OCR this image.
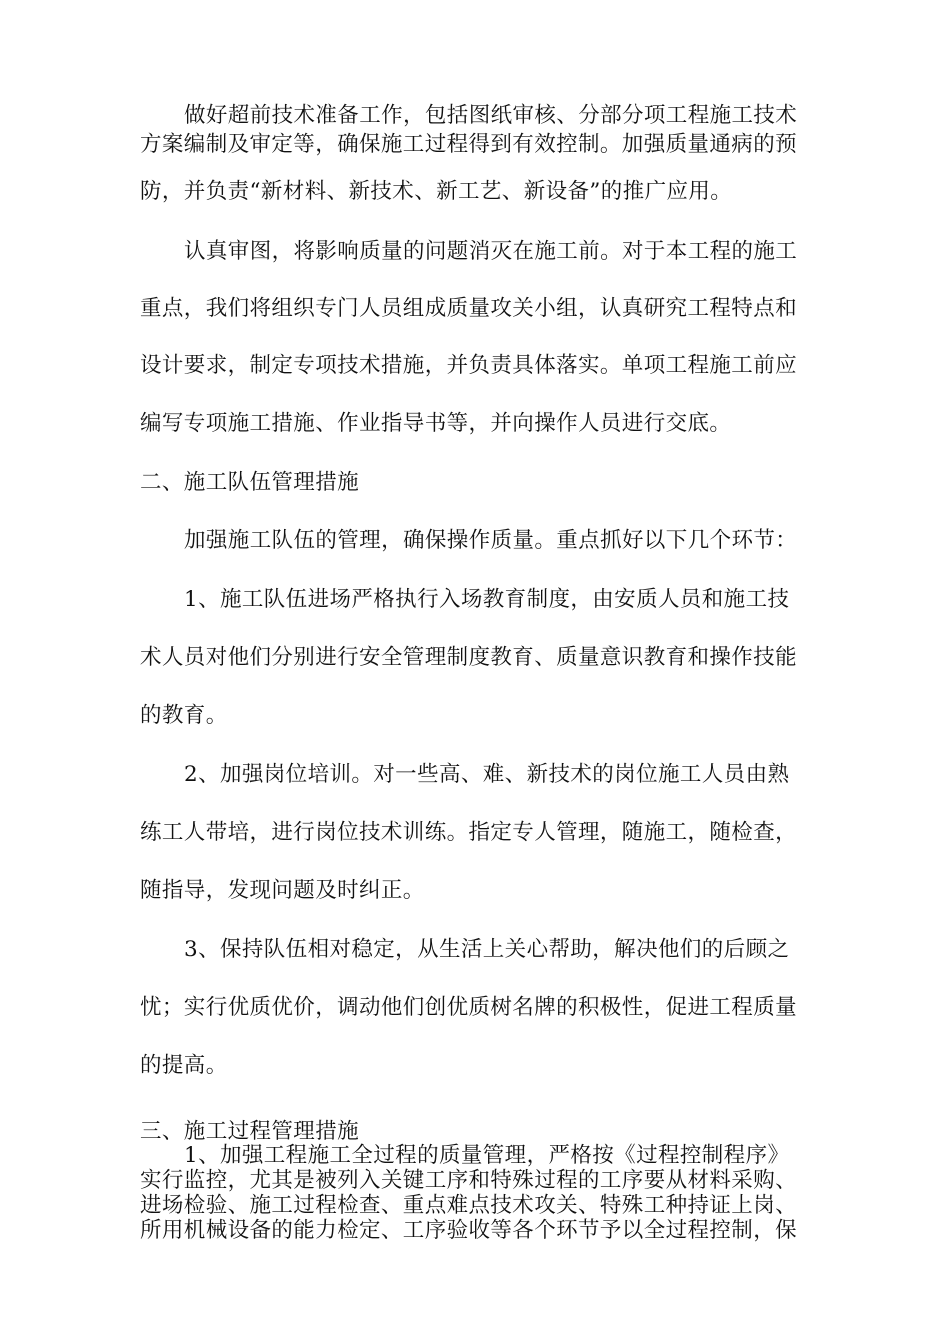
做好超前技术准备工作，包括图纸审核、分部分项工程施工技术
方案编制及审定等，确保施工过程得到有效控制。加强质量通病的预
防，并负责“新材料、新技术、新工艺、新设备”的推广应用。
认真审图，将影响质量的问题消灭在施工前。对于本工程的施工
重点，我们将组织专门人员组成质量攻关小组，认真研究工程特点和
设计要求，制定专项技术措施，并负责具体落实。单项工程施工前应
编写专项施工措施、作业指导书等，并向操作人员进行交底。
二、施工队伍管理措施
加强施工队伍的管理，确保操作质量。重点抓好以下几个环节：
1、施工队伍进场严格执行入场教育制度，由安质人员和施工技
术人员对他们分别进行安全管理制度教育、质量意识教育和操作技能
的教育。
2、加强岗位培训。对一些高、难、新技术的岗位施工人员由熟
练工人带培，进行岗位技术训练。指定专人管理，随施工，随检查，
随指导，发现问题及时纠正。
3、保持队伍相对稳定，从生活上关心帮助，解决他们的后顾之
忧；实行优质优价，调动他们创优质树名牌的积极性，促进工程质量
的提高。
三、施工过程管理措施
1、加强工程施工全过程的质量管理，严格按《过程控制程序》
实行监控，尤其是被列入关键工序和特殊过程的工序要从材料采购、
进场检验、施工过程检查、重点难点技术攻关、特殊工种持证上岗、
所用机械设备的能力检定、工序验收等各个环节予以全过程控制，保
